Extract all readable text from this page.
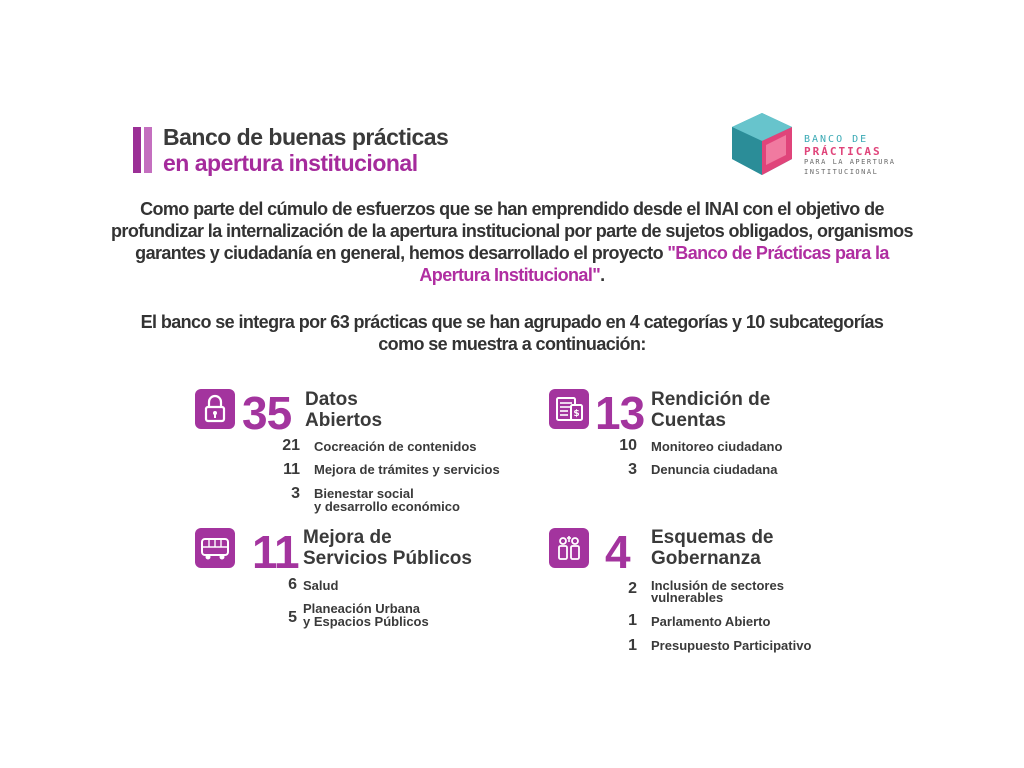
Banco de buenas prácticas
en apertura institucional
BANCO DE
PRÁCTICAS
PARA LA APERTURA
INSTITUCIONAL
Como parte del cúmulo de esfuerzos que se han emprendido desde el INAI con el objetivo de profundizar la internalización de la apertura institucional por parte de sujetos obligados, organismos garantes y ciudadanía en general, hemos desarrollado el proyecto "Banco de Prácticas para la Apertura Institucional".
El banco se integra por 63 prácticas que se han agrupado en 4 categorías y 10 subcategorías
como se muestra a continuación:
35 Datos
Abiertos
21 Cocreación de contenidos
11 Mejora de trámites y servicios
3 Bienestar social
y desarrollo económico
$ 13 Rendición de
Cuentas
10 Monitoreo ciudadano
3 Denuncia ciudadana
11 Mejora de
Servicios Públicos
6 Salud
5
Planeación Urbana
y Espacios Públicos
4 Esquemas de
Gobernanza
2 Inclusión de sectores
vulnerables
1 Parlamento Abierto
1 Presupuesto Participativo
